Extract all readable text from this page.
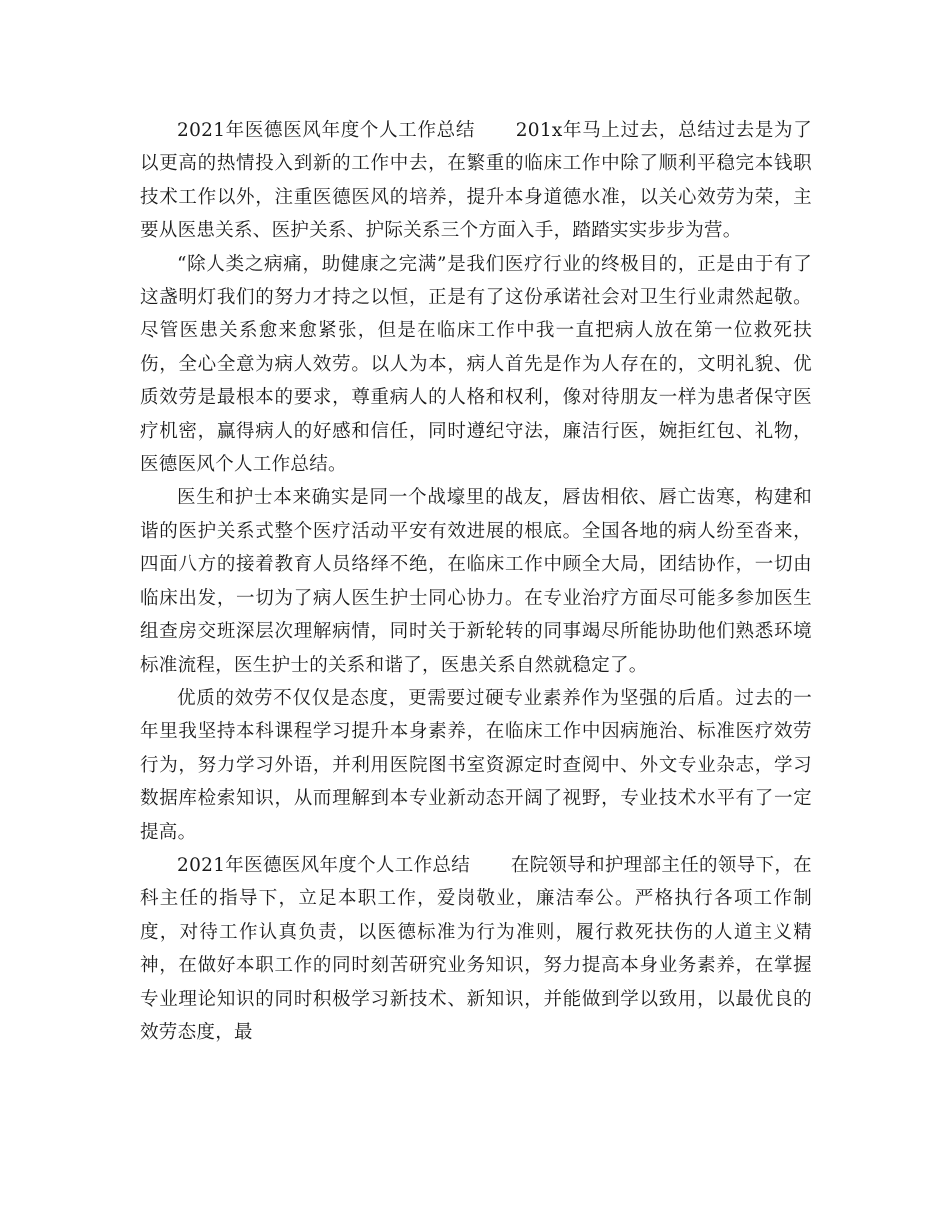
2021年医德医风年度个人工作总结 201x年马上过去，总结过去是为了以更高的热情投入到新的工作中去，在繁重的临床工作中除了顺利平稳完本钱职技术工作以外，注重医德医风的培养，提升本身道德水准，以关心效劳为荣，主要从医患关系、医护关系、护际关系三个方面入手，踏踏实实步步为营。

“除人类之病痛，助健康之完满”是我们医疗行业的终极目的，正是由于有了这盏明灯我们的努力才持之以恒，正是有了这份承诺社会对卫生行业肃然起敬。尽管医患关系愈来愈紧张，但是在临床工作中我一直把病人放在第一位救死扶伤，全心全意为病人效劳。以人为本，病人首先是作为人存在的，文明礼貌、优质效劳是最根本的要求，尊重病人的人格和权利，像对待朋友一样为患者保守医疗机密，赢得病人的好感和信任，同时遵纪守法，廉洁行医，婉拒红包、礼物，医德医风个人工作总结。

医生和护士本来确实是同一个战壕里的战友，唇齿相依、唇亡齿寒，构建和谐的医护关系式整个医疗活动平安有效进展的根底。全国各地的病人纷至沓来，四面八方的接着教育人员络绎不绝，在临床工作中顾全大局，团结协作，一切由临床出发，一切为了病人医生护士同心协力。在专业治疗方面尽可能多参加医生组查房交班深层次理解病情，同时关于新轮转的同事竭尽所能协助他们熟悉环境标准流程，医生护士的关系和谐了，医患关系自然就稳定了。

优质的效劳不仅仅是态度，更需要过硬专业素养作为坚强的后盾。过去的一年里我坚持本科课程学习提升本身素养，在临床工作中因病施治、标准医疗效劳行为，努力学习外语，并利用医院图书室资源定时查阅中、外文专业杂志，学习数据库检索知识，从而理解到本专业新动态开阔了视野，专业技术水平有了一定提高。

2021年医德医风年度个人工作总结 在院领导和护理部主任的领导下，在科主任的指导下，立足本职工作，爱岗敬业，廉洁奉公。严格执行各项工作制度，对待工作认真负责，以医德标准为行为准则，履行救死扶伤的人道主义精神，在做好本职工作的同时刻苦研究业务知识，努力提高本身业务素养，在掌握专业理论知识的同时积极学习新技术、新知识，并能做到学以致用，以最优良的效劳态度，最
